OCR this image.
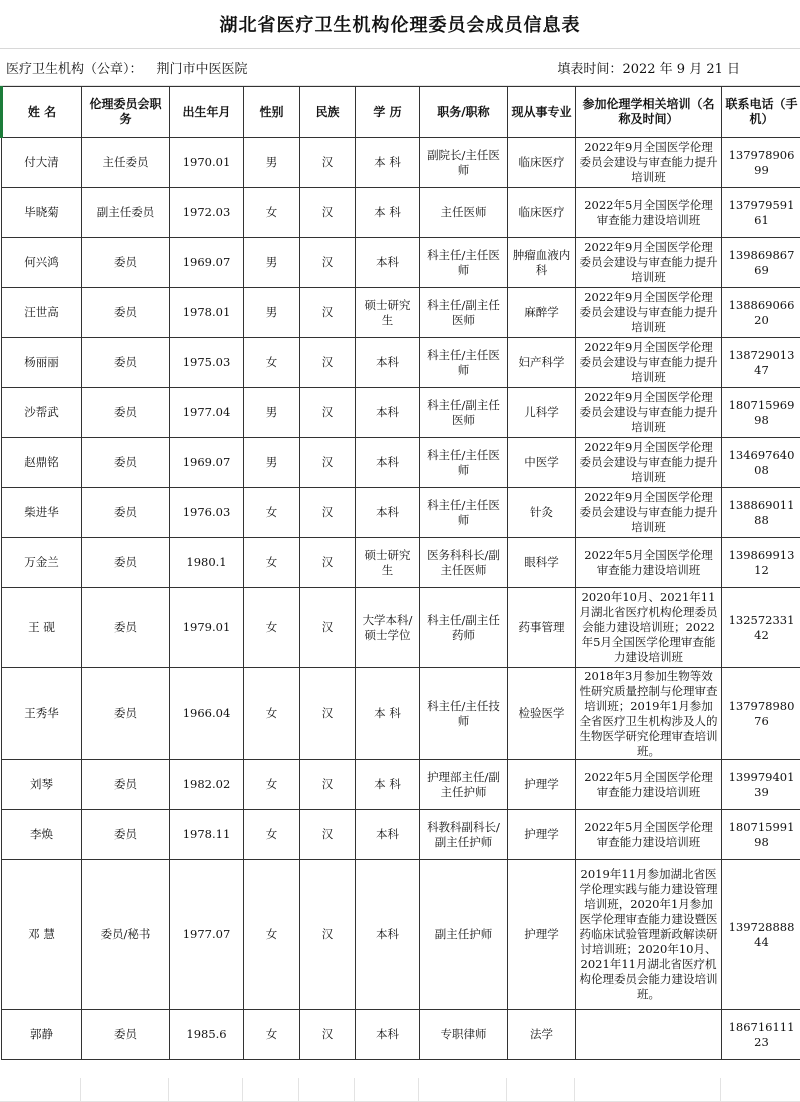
湖北省医疗卫生机构伦理委员会成员信息表
医疗卫生机构（公章）： 荆门市中医医院	填表时间：2022 年 9 月 21 日
姓 名	伦理委员会职务	出生年月	性别	民族	学 历	职务/职称	现从事专业	参加伦理学相关培训（名称及时间）	联系电话（手机）
付大清	主任委员	1970.01	男	汉	本 科	副院长/主任医师	临床医疗	2022年9月全国医学伦理委员会建设与审查能力提升培训班	13797890699
毕晓菊	副主任委员	1972.03	女	汉	本 科	主任医师	临床医疗	2022年5月全国医学伦理审查能力建设培训班	13797959161
何兴鸿	委员	1969.07	男	汉	本科	科主任/主任医师	肿瘤血液内科	2022年9月全国医学伦理委员会建设与审查能力提升培训班	13986986769
汪世高	委员	1978.01	男	汉	硕士研究生	科主任/副主任医师	麻醉学	2022年9月全国医学伦理委员会建设与审查能力提升培训班	13886906620
杨丽丽	委员	1975.03	女	汉	本科	科主任/主任医师	妇产科学	2022年9月全国医学伦理委员会建设与审查能力提升培训班	13872901347
沙帮武	委员	1977.04	男	汉	本科	科主任/副主任医师	儿科学	2022年9月全国医学伦理委员会建设与审查能力提升培训班	18071596998
赵鼎铭	委员	1969.07	男	汉	本科	科主任/主任医师	中医学	2022年9月全国医学伦理委员会建设与审查能力提升培训班	13469764008
柴进华	委员	1976.03	女	汉	本科	科主任/主任医师	针灸	2022年9月全国医学伦理委员会建设与审查能力提升培训班	13886901188
万金兰	委员	1980.1	女	汉	硕士研究生	医务科科长/副主任医师	眼科学	2022年5月全国医学伦理审查能力建设培训班	13986991312
王 砚	委员	1979.01	女	汉	大学本科/硕士学位	科主任/副主任药师	药事管理	2020年10月、2021年11月湖北省医疗机构伦理委员会能力建设培训班；2022年5月全国医学伦理审查能力建设培训班	13257233142
王秀华	委员	1966.04	女	汉	本 科	科主任/主任技师	检验医学	2018年3月参加生物等效性研究质量控制与伦理审查培训班；2019年1月参加全省医疗卫生机构涉及人的生物医学研究伦理审查培训班。	13797898076
刘琴	委员	1982.02	女	汉	本 科	护理部主任/副主任护师	护理学	2022年5月全国医学伦理审查能力建设培训班	13997940139
李焕	委员	1978.11	女	汉	本科	科教科副科长/副主任护师	护理学	2022年5月全国医学伦理审查能力建设培训班	18071599198
邓 慧	委员/秘书	1977.07	女	汉	本科	副主任护师	护理学	2019年11月参加湖北省医学伦理实践与能力建设管理培训班，2020年1月参加医学伦理审查能力建设暨医药临床试验管理新政解读研讨培训班；2020年10月、2021年11月湖北省医疗机构伦理委员会能力建设培训班。	13972888844
郭静	委员	1985.6	女	汉	本科	专职律师	法学		18671611123
